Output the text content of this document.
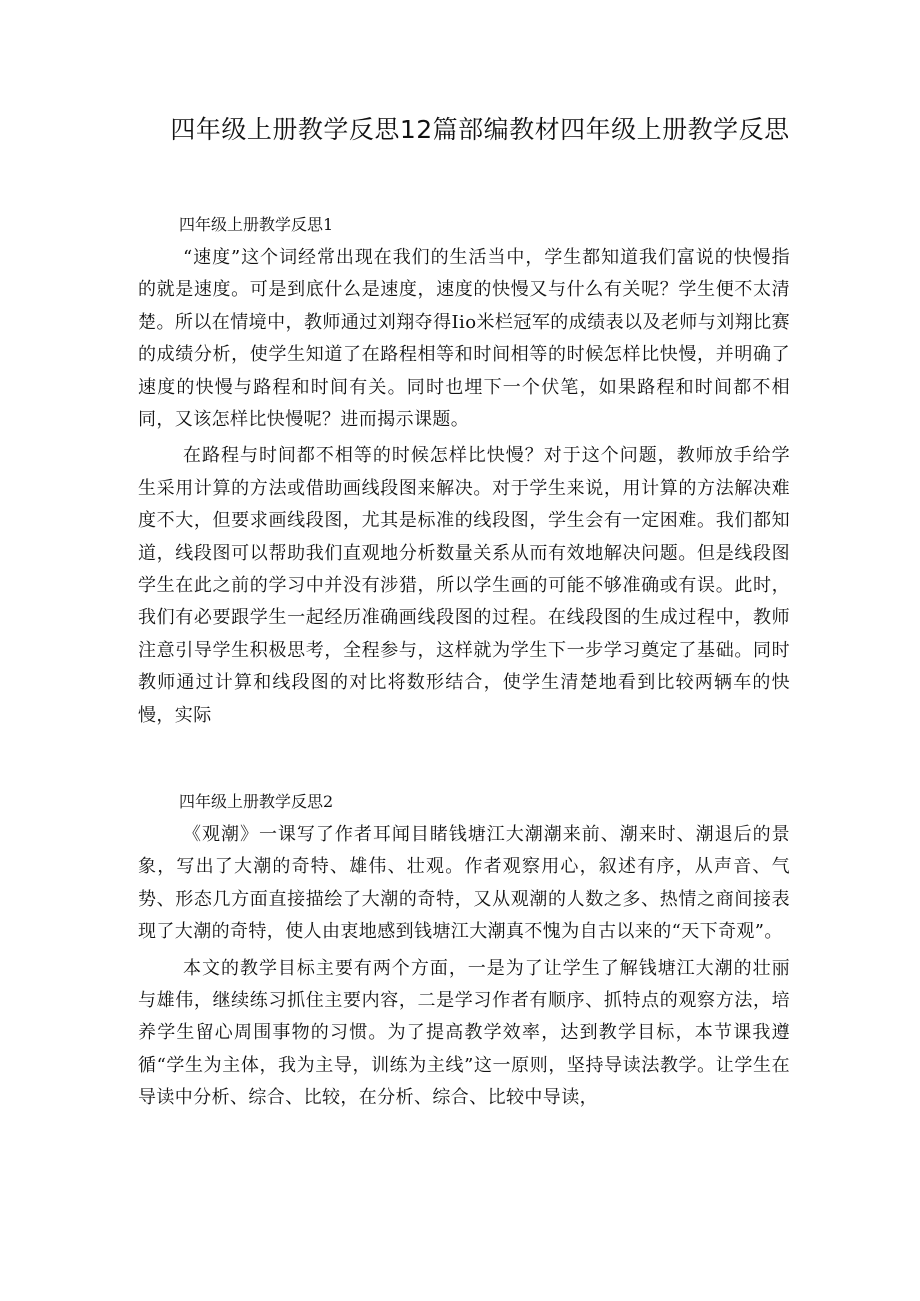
四年级上册教学反思12篇部编教材四年级上册教学反思
四年级上册教学反思1

“速度”这个词经常出现在我们的生活当中，学生都知道我们富说的快慢指的就是速度。可是到底什么是速度，速度的快慢又与什么有关呢？学生便不太清楚。所以在情境中，教师通过刘翔夺得Iio米栏冠军的成绩表以及老师与刘翔比赛的成绩分析，使学生知道了在路程相等和时间相等的时候怎样比快慢，并明确了速度的快慢与路程和时间有关。同时也埋下一个伏笔，如果路程和时间都不相同，又该怎样比快慢呢？进而揭示课题。

在路程与时间都不相等的时候怎样比快慢？对于这个问题，教师放手给学生采用计算的方法或借助画线段图来解决。对于学生来说，用计算的方法解决难度不大，但要求画线段图，尤其是标准的线段图，学生会有一定困难。我们都知道，线段图可以帮助我们直观地分析数量关系从而有效地解决问题。但是线段图学生在此之前的学习中并没有涉猎，所以学生画的可能不够准确或有误。此时，我们有必要跟学生一起经历准确画线段图的过程。在线段图的生成过程中，教师注意引导学生积极思考，全程参与，这样就为学生下一步学习奠定了基础。同时教师通过计算和线段图的对比将数形结合，使学生清楚地看到比较两辆车的快慢，实际

四年级上册教学反思2

《观潮》一课写了作者耳闻目睹钱塘江大潮潮来前、潮来时、潮退后的景象，写出了大潮的奇特、雄伟、壮观。作者观察用心，叙述有序，从声音、气势、形态几方面直接描绘了大潮的奇特，又从观潮的人数之多、热情之商间接表现了大潮的奇特，使人由衷地感到钱塘江大潮真不愧为自古以来的“天下奇观”。

本文的教学目标主要有两个方面，一是为了让学生了解钱塘江大潮的壮丽与雄伟，继续练习抓住主要内容，二是学习作者有顺序、抓特点的观察方法，培养学生留心周围事物的习惯。为了提高教学效率，达到教学目标，本节课我遵循“学生为主体，我为主导，训练为主线”这一原则，坚持导读法教学。让学生在导读中分析、综合、比较，在分析、综合、比较中导读，
